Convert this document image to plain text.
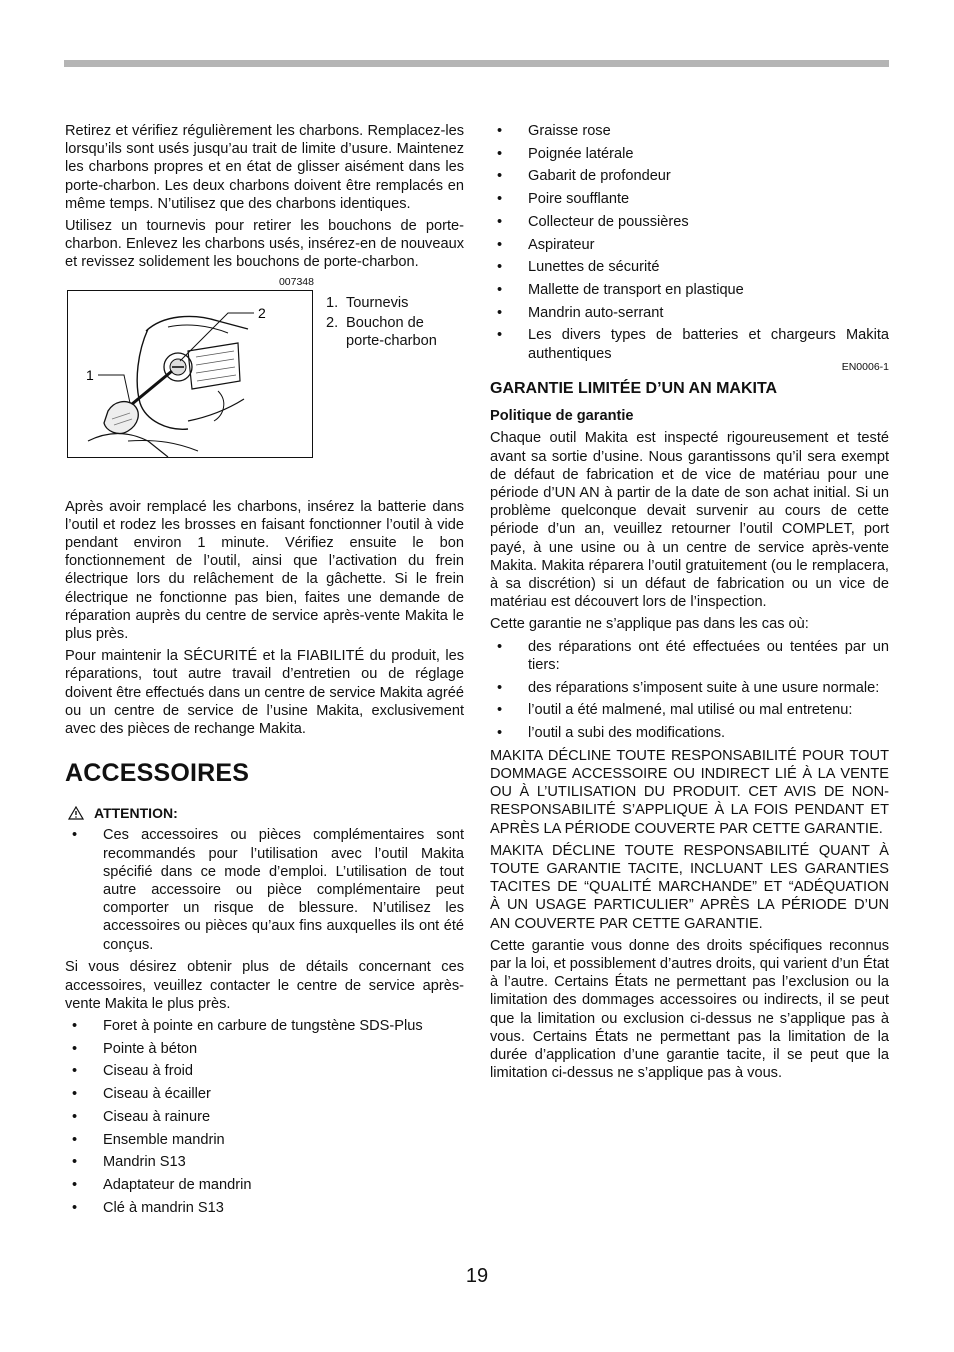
Retirez et vérifiez régulièrement les charbons. Remplacez-les lorsqu’ils sont usés jusqu’au trait de limite d’usure. Maintenez les charbons propres et en état de glisser aisément dans les porte-charbon. Les deux charbons doivent être remplacés en même temps. N’utilisez que des charbons identiques.

Utilisez un tournevis pour retirer les bouchons de porte-charbon. Enlevez les charbons usés, insérez-en de nouveaux et revissez solidement les bouchons de porte-charbon.

007348
2
1
1. Tournevis
2. Bouchon de porte-charbon

Après avoir remplacé les charbons, insérez la batterie dans l’outil et rodez les brosses en faisant fonctionner l’outil à vide pendant environ 1 minute. Vérifiez ensuite le bon fonctionnement de l’outil, ainsi que l’activation du frein électrique lors du relâchement de la gâchette. Si le frein électrique ne fonctionne pas bien, faites une demande de réparation auprès du centre de service après-vente Makita le plus près.

Pour maintenir la SÉCURITÉ et la FIABILITÉ du produit, les réparations, tout autre travail d’entretien ou de réglage doivent être effectués dans un centre de service Makita agréé ou un centre de service de l’usine Makita, exclusivement avec des pièces de rechange Makita.

ACCESSOIRES
ATTENTION:
• Ces accessoires ou pièces complémentaires sont recommandés pour l’utilisation avec l’outil Makita spécifié dans ce mode d’emploi. L’utilisation de tout autre accessoire ou pièce complémentaire peut comporter un risque de blessure. N’utilisez les accessoires ou pièces qu’aux fins auxquelles ils ont été conçus.

Si vous désirez obtenir plus de détails concernant ces accessoires, veuillez contacter le centre de service après-vente Makita le plus près.

• Foret à pointe en carbure de tungstène SDS-Plus
• Pointe à béton
• Ciseau à froid
• Ciseau à écailler
• Ciseau à rainure
• Ensemble mandrin
• Mandrin S13
• Adaptateur de mandrin
• Clé à mandrin S13
• Graisse rose
• Poignée latérale
• Gabarit de profondeur
• Poire soufflante
• Collecteur de poussières
• Aspirateur
• Lunettes de sécurité
• Mallette de transport en plastique
• Mandrin auto-serrant
• Les divers types de batteries et chargeurs Makita authentiques
EN0006-1
GARANTIE LIMITÉE D’UN AN MAKITA
Politique de garantie

Chaque outil Makita est inspecté rigoureusement et testé avant sa sortie d’usine. Nous garantissons qu’il sera exempt de défaut de fabrication et de vice de matériau pour une période d’UN AN à partir de la date de son achat initial. Si un problème quelconque devait survenir au cours de cette période d’un an, veuillez retourner l’outil COMPLET, port payé, à une usine ou à un centre de service après-vente Makita. Makita réparera l’outil gratuitement (ou le remplacera, à sa discrétion) si un défaut de fabrication ou un vice de matériau est découvert lors de l’inspection.

Cette garantie ne s’applique pas dans les cas où:

• des réparations ont été effectuées ou tentées par un tiers:
• des réparations s’imposent suite à une usure normale:
• l’outil a été malmené, mal utilisé ou mal entretenu:
• l’outil a subi des modifications.

MAKITA DÉCLINE TOUTE RESPONSABILITÉ POUR TOUT DOMMAGE ACCESSOIRE OU INDIRECT LIÉ À LA VENTE OU À L’UTILISATION DU PRODUIT. CET AVIS DE NON-RESPONSABILITÉ S’APPLIQUE À LA FOIS PENDANT ET APRÈS LA PÉRIODE COUVERTE PAR CETTE GARANTIE.

MAKITA DÉCLINE TOUTE RESPONSABILITÉ QUANT À TOUTE GARANTIE TACITE, INCLUANT LES GARANTIES TACITES DE “QUALITÉ MARCHANDE” ET “ADÉQUATION À UN USAGE PARTICULIER” APRÈS LA PÉRIODE D’UN AN COUVERTE PAR CETTE GARANTIE.

Cette garantie vous donne des droits spécifiques reconnus par la loi, et possiblement d’autres droits, qui varient d’un État à l’autre. Certains États ne permettant pas l’exclusion ou la limitation des dommages accessoires ou indirects, il se peut que la limitation ou exclusion ci-dessus ne s’applique pas à vous. Certains États ne permettant pas la limitation de la durée d’application d’une garantie tacite, il se peut que la limitation ci-dessus ne s’applique pas à vous.

19
